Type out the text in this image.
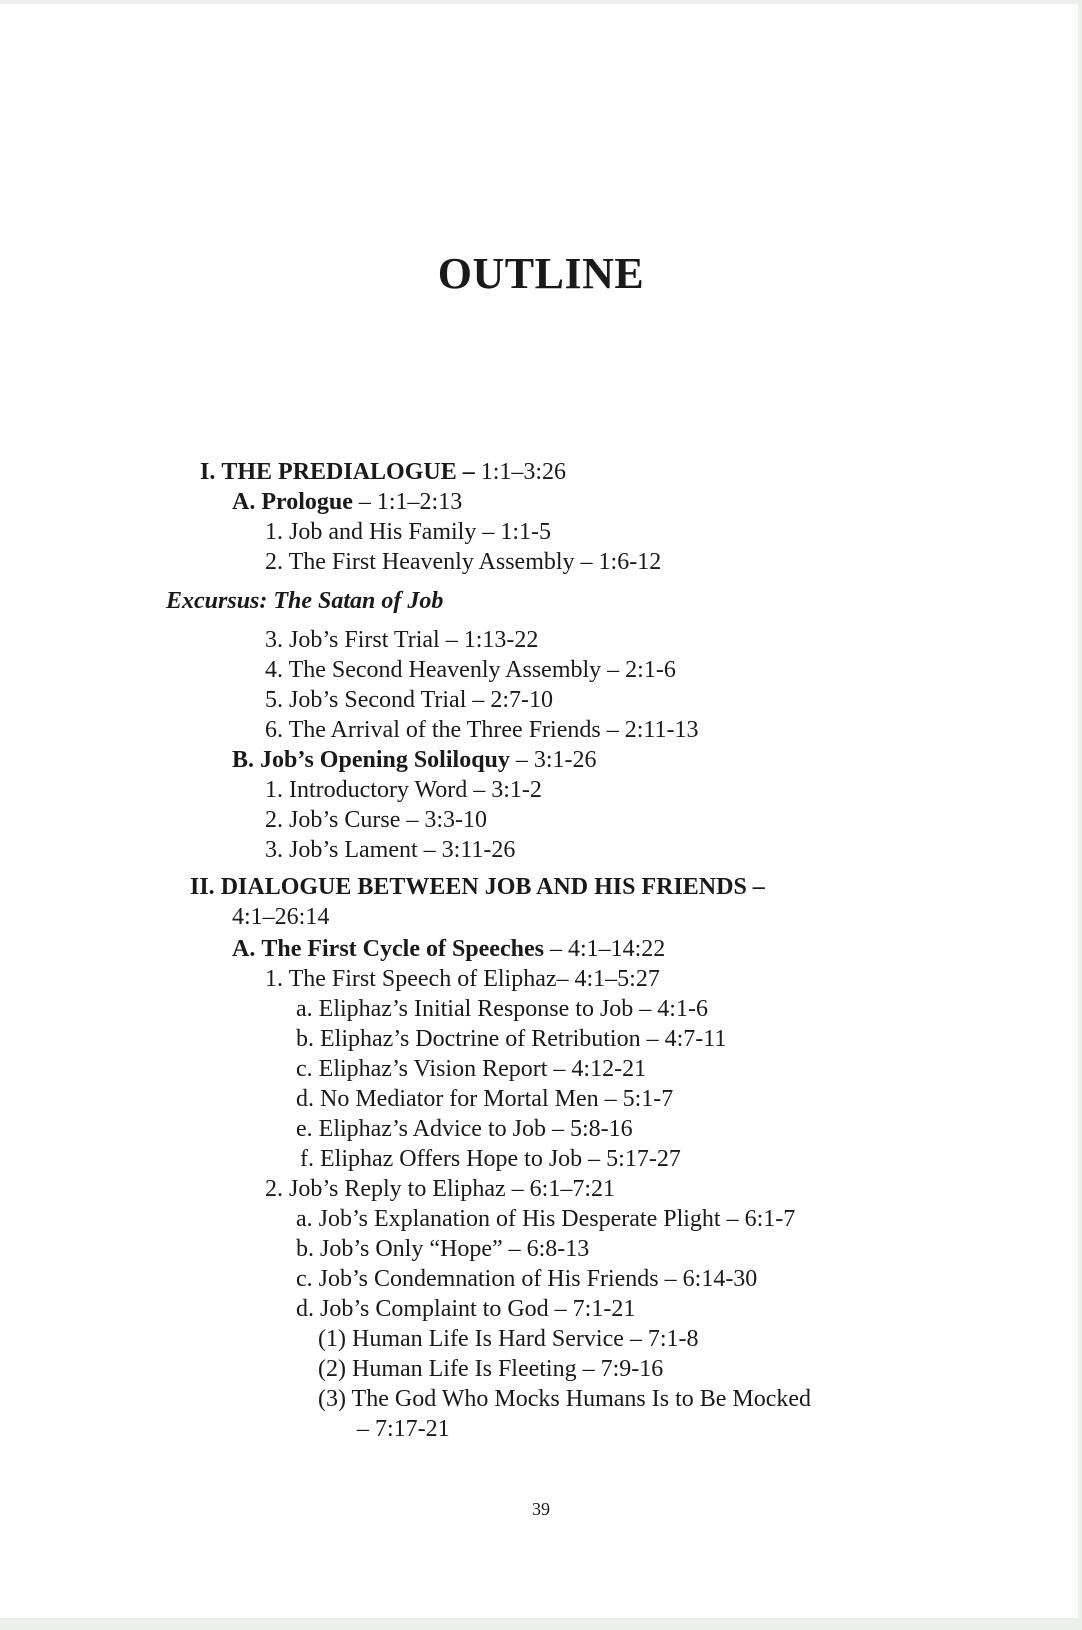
OUTLINE
I. THE PREDIALOGUE – 1:1–3:26
A. Prologue – 1:1–2:13
1. Job and His Family – 1:1-5
2. The First Heavenly Assembly – 1:6-12
Excursus: The Satan of Job
3. Job’s First Trial – 1:13-22
4. The Second Heavenly Assembly – 2:1-6
5. Job’s Second Trial – 2:7-10
6. The Arrival of the Three Friends – 2:11-13
B. Job’s Opening Soliloquy – 3:1-26
1. Introductory Word – 3:1-2
2. Job’s Curse – 3:3-10
3. Job’s Lament – 3:11-26
II. DIALOGUE BETWEEN JOB AND HIS FRIENDS –
4:1–26:14
A. The First Cycle of Speeches – 4:1–14:22
1. The First Speech of Eliphaz– 4:1–5:27
a. Eliphaz’s Initial Response to Job – 4:1-6
b. Eliphaz’s Doctrine of Retribution – 4:7-11
c. Eliphaz’s Vision Report – 4:12-21
d. No Mediator for Mortal Men – 5:1-7
e. Eliphaz’s Advice to Job – 5:8-16
f. Eliphaz Offers Hope to Job – 5:17-27
2. Job’s Reply to Eliphaz – 6:1–7:21
a. Job’s Explanation of His Desperate Plight – 6:1-7
b. Job’s Only “Hope” – 6:8-13
c. Job’s Condemnation of His Friends – 6:14-30
d. Job’s Complaint to God – 7:1-21
(1) Human Life Is Hard Service – 7:1-8
(2) Human Life Is Fleeting – 7:9-16
(3) The God Who Mocks Humans Is to Be Mocked
– 7:17-21
39
